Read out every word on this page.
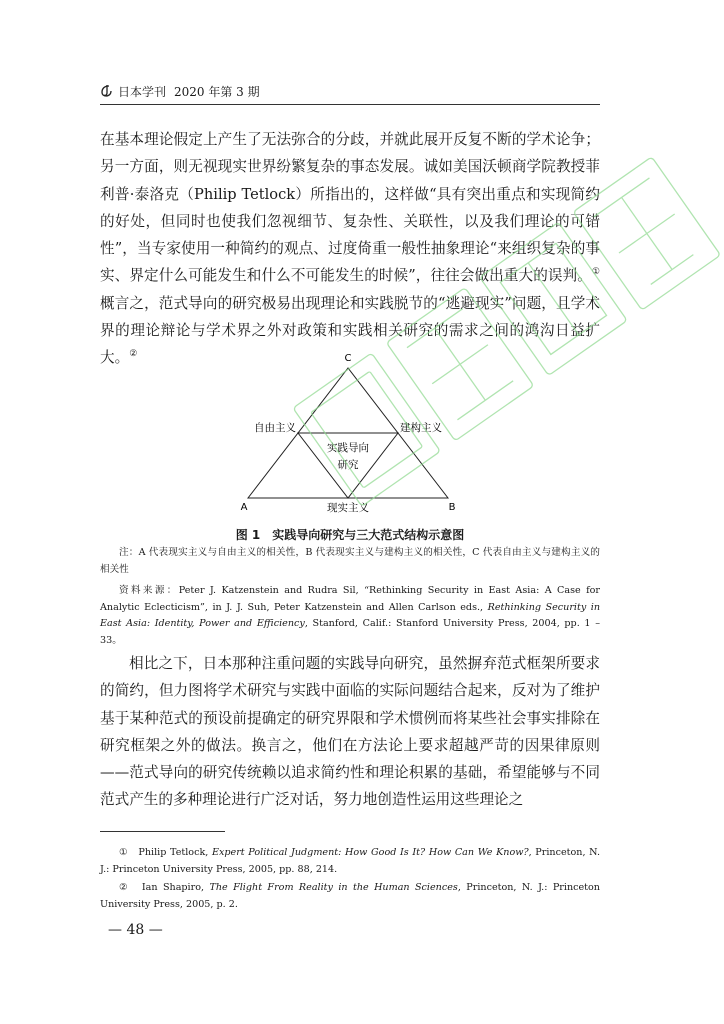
日本学刊 2020 年第 3 期

在基本理论假定上产生了无法弥合的分歧，并就此展开反复不断的学术论争；另一方面，则无视现实世界纷繁复杂的事态发展。诚如美国沃顿商学院教授菲利普·泰洛克（Philip Tetlock）所指出的，这样做“具有突出重点和实现简约的好处，但同时也使我们忽视细节、复杂性、关联性，以及我们理论的可错性”，当专家使用一种简约的观点、过度倚重一般性抽象理论“来组织复杂的事实、界定什么可能发生和什么不可能发生的时候”，往往会做出重大的误判。① 概言之，范式导向的研究极易出现理论和实践脱节的“逃避现实”问题，且学术界的理论辩论与学术界之外对政策和实践相关研究的需求之间的鸿沟日益扩大。②	C
A	B
自由主义	建构主义
现实主义
实践导向
研究
图 1　实践导向研究与三大范式结构示意图

注：A 代表现实主义与自由主义的相关性，B 代表现实主义与建构主义的相关性，C 代表自由主义与建构主义的相关性

资料来源：Peter J. Katzenstein and Rudra Sil, “Rethinking Security in East Asia: A Case for Analytic Eclecticism”, in J. J. Suh, Peter Katzenstein and Allen Carlson eds., Rethinking Security in East Asia: Identity, Power and Efficiency, Stanford, Calif.: Stanford University Press, 2004, pp. 1 – 33。

相比之下，日本那种注重问题的实践导向研究，虽然摒弃范式框架所要求的简约，但力图将学术研究与实践中面临的实际问题结合起来，反对为了维护基于某种范式的预设前提确定的研究界限和学术惯例而将某些社会事实排除在研究框架之外的做法。换言之，他们在方法论上要求超越严苛的因果律原则——范式导向的研究传统赖以追求简约性和理论积累的基础，希望能够与不同范式产生的多种理论进行广泛对话，努力地创造性运用这些理论之

①　 Philip Tetlock, Expert Political Judgment: How Good Is It? How Can We Know?, Princeton, N. J.: Princeton University Press, 2005, pp. 88, 214.

②　 Ian Shapiro, The Flight From Reality in the Human Sciences, Princeton, N. J.: Princeton University Press, 2005, p. 2.

— 48 —
